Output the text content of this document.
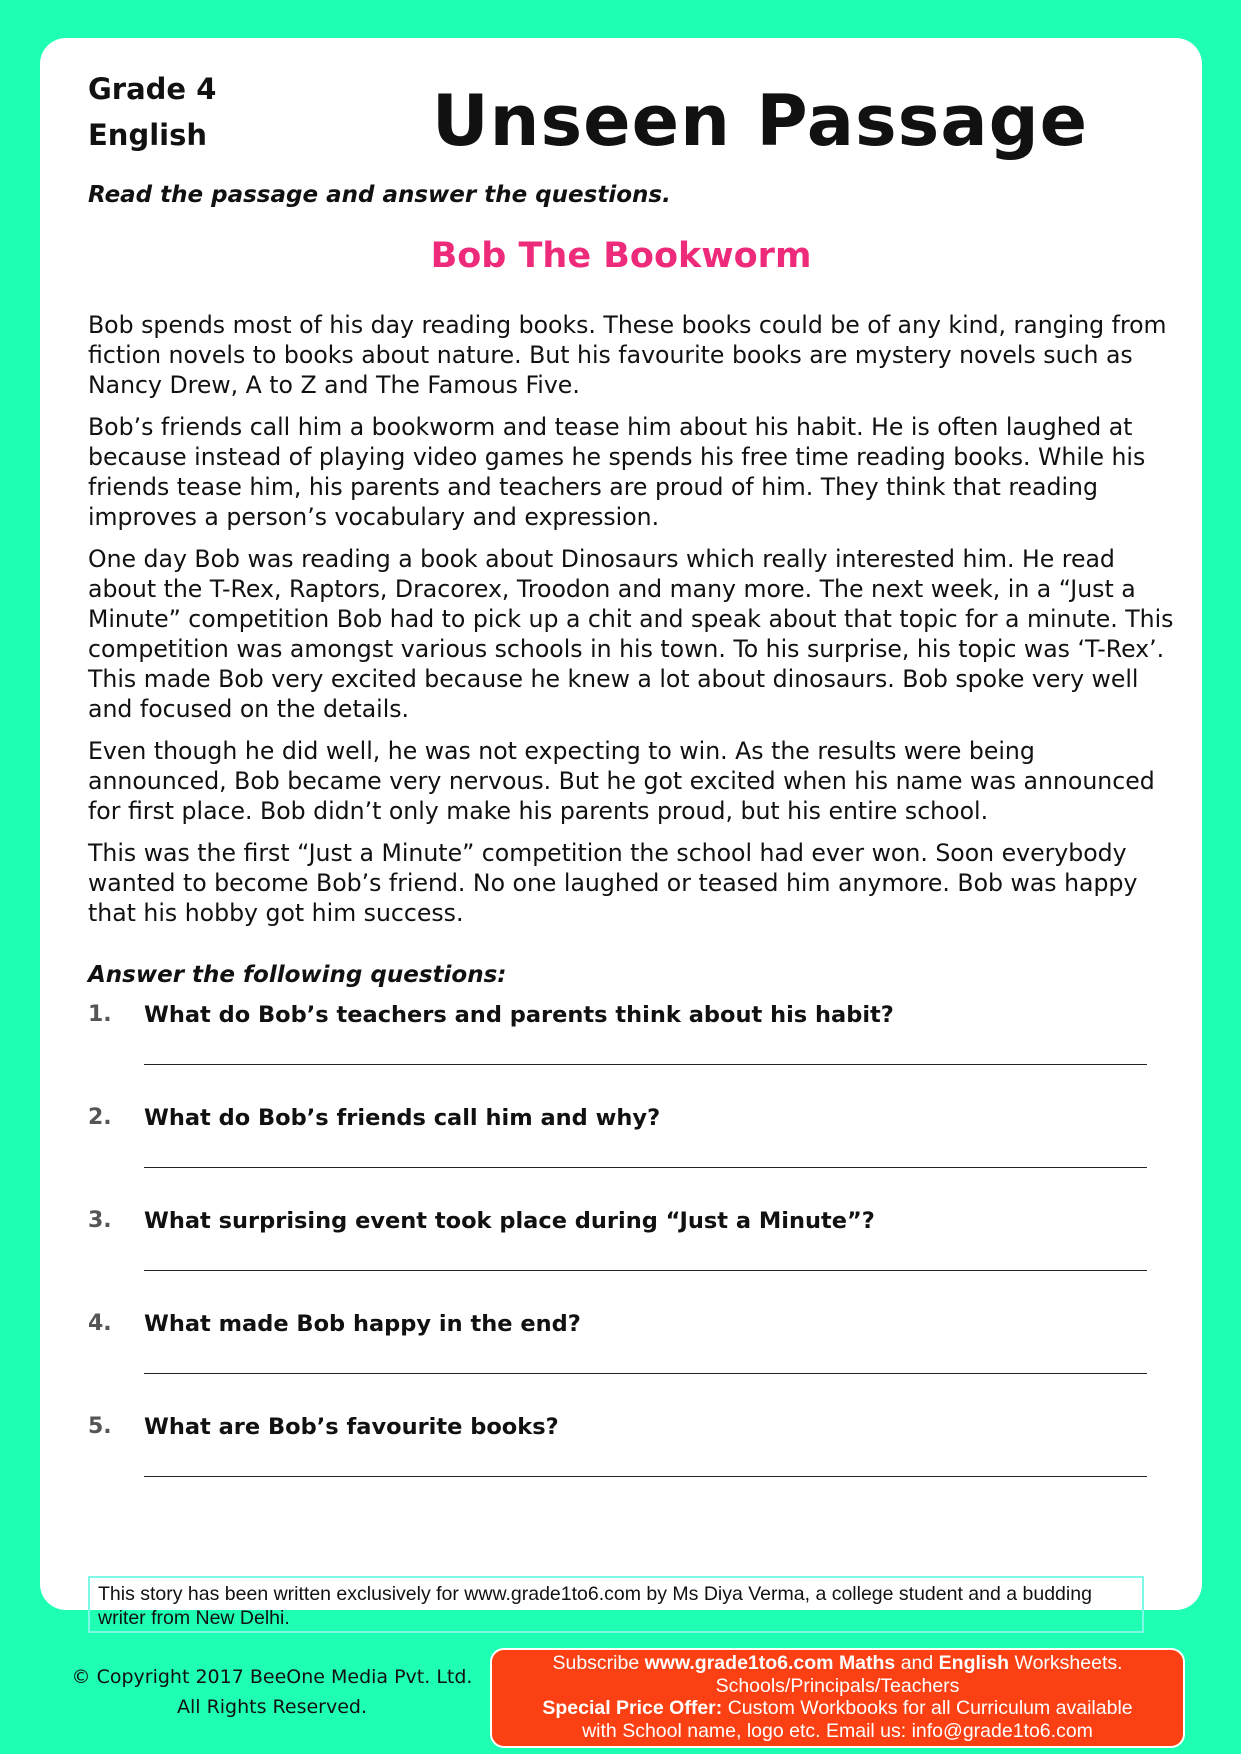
Grade 4
English	Unseen Passage
Read the passage and answer the questions.
Bob The Bookworm

Bob spends most of his day reading books. These books could be of any kind, ranging from fiction novels to books about nature. But his favourite books are mystery novels such as Nancy Drew, A to Z and The Famous Five.

Bob’s friends call him a bookworm and tease him about his habit. He is often laughed at because instead of playing video games he spends his free time reading books. While his friends tease him, his parents and teachers are proud of him. They think that reading improves a person’s vocabulary and expression.

One day Bob was reading a book about Dinosaurs which really interested him. He read about the T-Rex, Raptors, Dracorex, Troodon and many more. The next week, in a “Just a Minute” competition Bob had to pick up a chit and speak about that topic for a minute. This competition was amongst various schools in his town. To his surprise, his topic was ‘T-Rex’. This made Bob very excited because he knew a lot about dinosaurs. Bob spoke very well and focused on the details.

Even though he did well, he was not expecting to win. As the results were being announced, Bob became very nervous. But he got excited when his name was announced for first place. Bob didn’t only make his parents proud, but his entire school.

This was the first “Just a Minute” competition the school had ever won. Soon everybody wanted to become Bob’s friend. No one laughed or teased him anymore. Bob was happy that his hobby got him success.

Answer the following questions:
1. What do Bob’s teachers and parents think about his habit?
2. What do Bob’s friends call him and why?
3. What surprising event took place during “Just a Minute”?
4. What made Bob happy in the end?
5. What are Bob’s favourite books?
This story has been written exclusively for www.grade1to6.com by Ms Diya Verma, a college student and a budding writer from New Delhi.
© Copyright 2017 BeeOne Media Pvt. Ltd.
All Rights Reserved.
Subscribe www.grade1to6.com Maths and English Worksheets.
Schools/Principals/Teachers
Special Price Offer: Custom Workbooks for all Curriculum available
with School name, logo etc. Email us: info@grade1to6.com
